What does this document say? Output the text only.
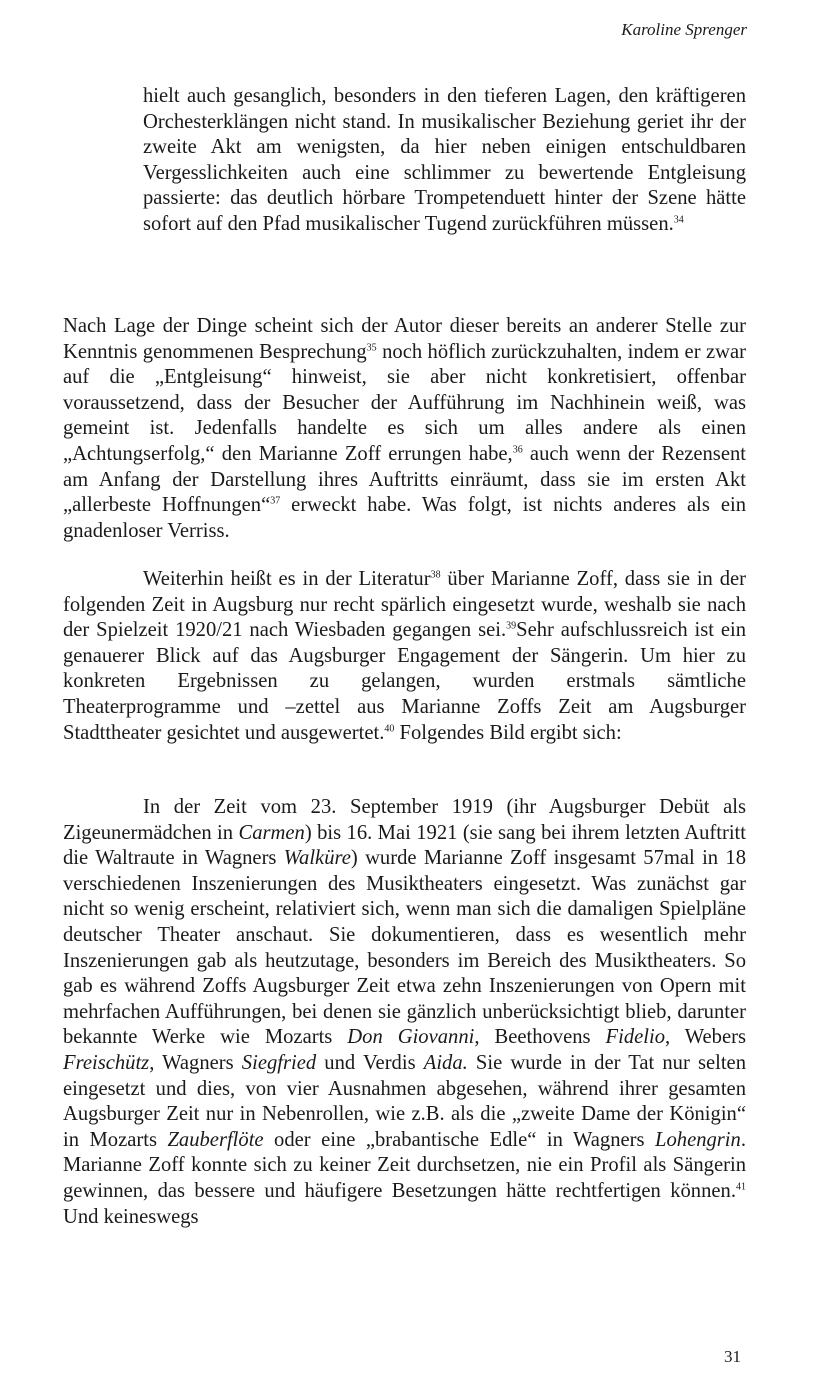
Karoline Sprenger

hielt auch gesanglich, besonders in den tieferen Lagen, den kräftigeren Orchesterklängen nicht stand. In musikalischer Beziehung geriet ihr der zweite Akt am wenigsten, da hier neben einigen entschuldbaren Vergesslichkeiten auch eine schlimmer zu bewertende Entgleisung passierte: das deutlich hörbare Trompetenduett hinter der Szene hätte sofort auf den Pfad musikalischer Tugend zurückführen müssen.$^{34}$

Nach Lage der Dinge scheint sich der Autor dieser bereits an anderer Stelle zur Kenntnis genommenen Besprechung$^{35}$ noch höflich zurückzuhalten, indem er zwar auf die „Entgleisung“ hinweist, sie aber nicht konkretisiert, offenbar voraussetzend, dass der Besucher der Aufführung im Nachhinein weiß, was gemeint ist. Jedenfalls handelte es sich um alles andere als einen „Achtungserfolg,“ den Marianne Zoff errungen habe,$^{36}$ auch wenn der Rezensent am Anfang der Darstellung ihres Auftritts einräumt, dass sie im ersten Akt „allerbeste Hoffnungen“$^{37}$ erweckt habe. Was folgt, ist nichts anderes als ein gnadenloser Verriss.

Weiterhin heißt es in der Literatur$^{38}$ über Marianne Zoff, dass sie in der folgenden Zeit in Augsburg nur recht spärlich eingesetzt wurde, weshalb sie nach der Spielzeit 1920/21 nach Wiesbaden gegangen sei.$^{39}$Sehr aufschlussreich ist ein genauerer Blick auf das Augsburger Engagement der Sängerin. Um hier zu konkreten Ergebnissen zu gelangen, wurden erstmals sämtliche Theaterprogramme und –zettel aus Marianne Zoffs Zeit am Augsburger Stadttheater gesichtet und ausgewertet.$^{40}$ Folgendes Bild ergibt sich:

In der Zeit vom 23. September 1919 (ihr Augsburger Debüt als Zigeunermädchen in Carmen) bis 16. Mai 1921 (sie sang bei ihrem letzten Auftritt die Waltraute in Wagners Walküre) wurde Marianne Zoff insgesamt 57mal in 18 verschiedenen Inszenierungen des Musiktheaters eingesetzt. Was zunächst gar nicht so wenig erscheint, relativiert sich, wenn man sich die damaligen Spielpläne deutscher Theater anschaut. Sie dokumentieren, dass es wesentlich mehr Inszenierungen gab als heutzutage, besonders im Bereich des Musiktheaters. So gab es während Zoffs Augsburger Zeit etwa zehn Inszenierungen von Opern mit mehrfachen Aufführungen, bei denen sie gänzlich unberücksichtigt blieb, darunter bekannte Werke wie Mozarts Don Giovanni, Beethovens Fidelio, Webers Freischütz, Wagners Siegfried und Verdis Aida. Sie wurde in der Tat nur selten eingesetzt und dies, von vier Ausnahmen abgesehen, während ihrer gesamten Augsburger Zeit nur in Nebenrollen, wie z.B. als die „zweite Dame der Königin“ in Mozarts Zauberflöte oder eine „brabantische Edle“ in Wagners Lohengrin. Marianne Zoff konnte sich zu keiner Zeit durchsetzen, nie ein Profil als Sängerin gewinnen, das bessere und häufigere Besetzungen hätte rechtfertigen können.$^{41}$ Und keineswegs

31
